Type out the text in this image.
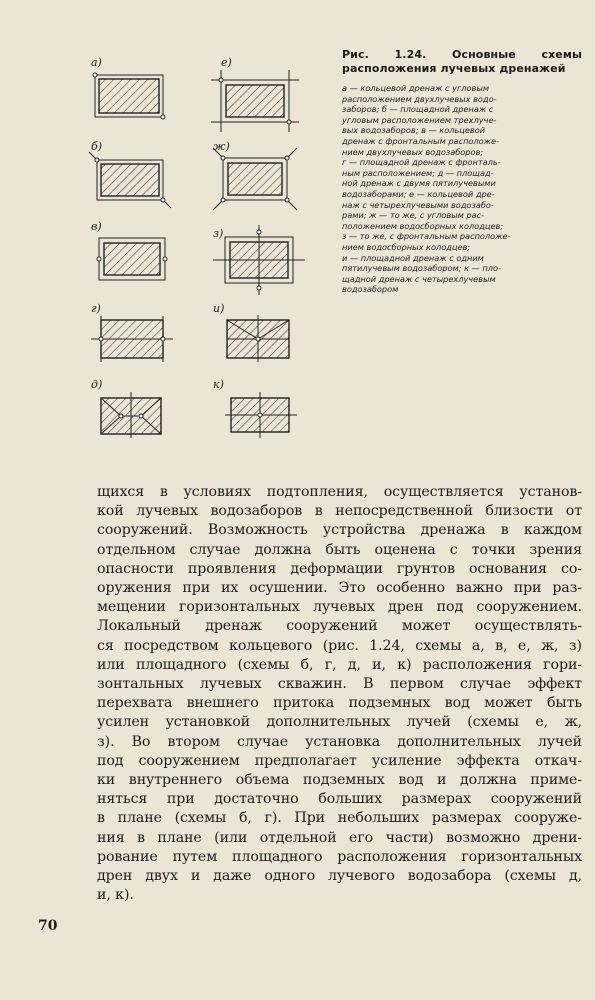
а)	е)
б)	ж)
в)
з)
г)	и)
д)	к)

Рис. 1.24. Основные схемы расположения лучевых дренажей

а — кольцевой дренаж с угловым
расположением двухлучевых водо-
заборов; б — площадной дренаж с
угловым расположением трехлуче-
вых водозаборов; в — кольцевой
дренаж с фронтальным расположе-
нием двухлучевых водозаборов;
г — площадной дренаж с фронталь-
ным расположением; д — площад-
ной дренаж с двумя пятилучевыми
водозаборами; е — кольцевой дре-
наж с четырехлучевыми водозабо-
рами; ж — то же, с угловым рас-
положением водосборных колодцев;
з — то же, с фронтальным расположе-
нием водосборных колодцев;
и — площадной дренаж с одним
пятилучевым водозабором; к — пло-
щадной дренаж с четырехлучевым
водозабором

щихся в условиях подтопления, осуществляется установ-
кой лучевых водозаборов в непосредственной близости от
сооружений. Возможность устройства дренажа в каждом
отдельном случае должна быть оценена с точки зрения
опасности проявления деформации грунтов основания со-
оружения при их осушении. Это особенно важно при раз-
мещении горизонтальных лучевых дрен под сооружением.

Локальный дренаж сооружений может осуществлять-
ся посредством кольцевого (рис. 1.24, схемы а, в, е, ж, з)
или площадного (схемы б, г, д, и, к) расположения гори-
зонтальных лучевых скважин. В первом случае эффект
перехвата внешнего притока подземных вод может быть
усилен установкой дополнительных лучей (схемы е, ж,
з). Во втором случае установка дополнительных лучей
под сооружением предполагает усиление эффекта откач-
ки внутреннего объема подземных вод и должна приме-
няться при достаточно больших размерах сооружений
в плане (схемы б, г). При небольших размерах сооруже-
ния в плане (или отдельной его части) возможно дрени-
рование путем площадного расположения горизонтальных
дрен двух и даже одного лучевого водозабора (схемы д,
и, к).

70
